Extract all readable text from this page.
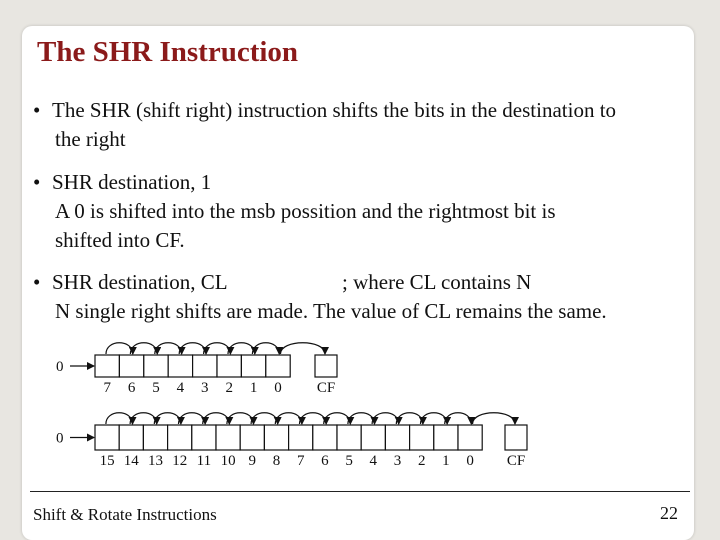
The SHR Instruction
• The SHR (shift right) instruction shifts the bits in the destination to
the right
• SHR destination, 1
A 0 is shifted into the msb possition and the rightmost bit is
shifted into CF.
• SHR destination, CL	; where CL contains N
N single right shifts are made. The value of CL remains the same.
0
7 6 5 4 3 2 1 0 CF
0
15 14 13 12 11 10 9 8 7 6 5 4 3 2 1 0 CF
Shift & Rotate Instructions	22
